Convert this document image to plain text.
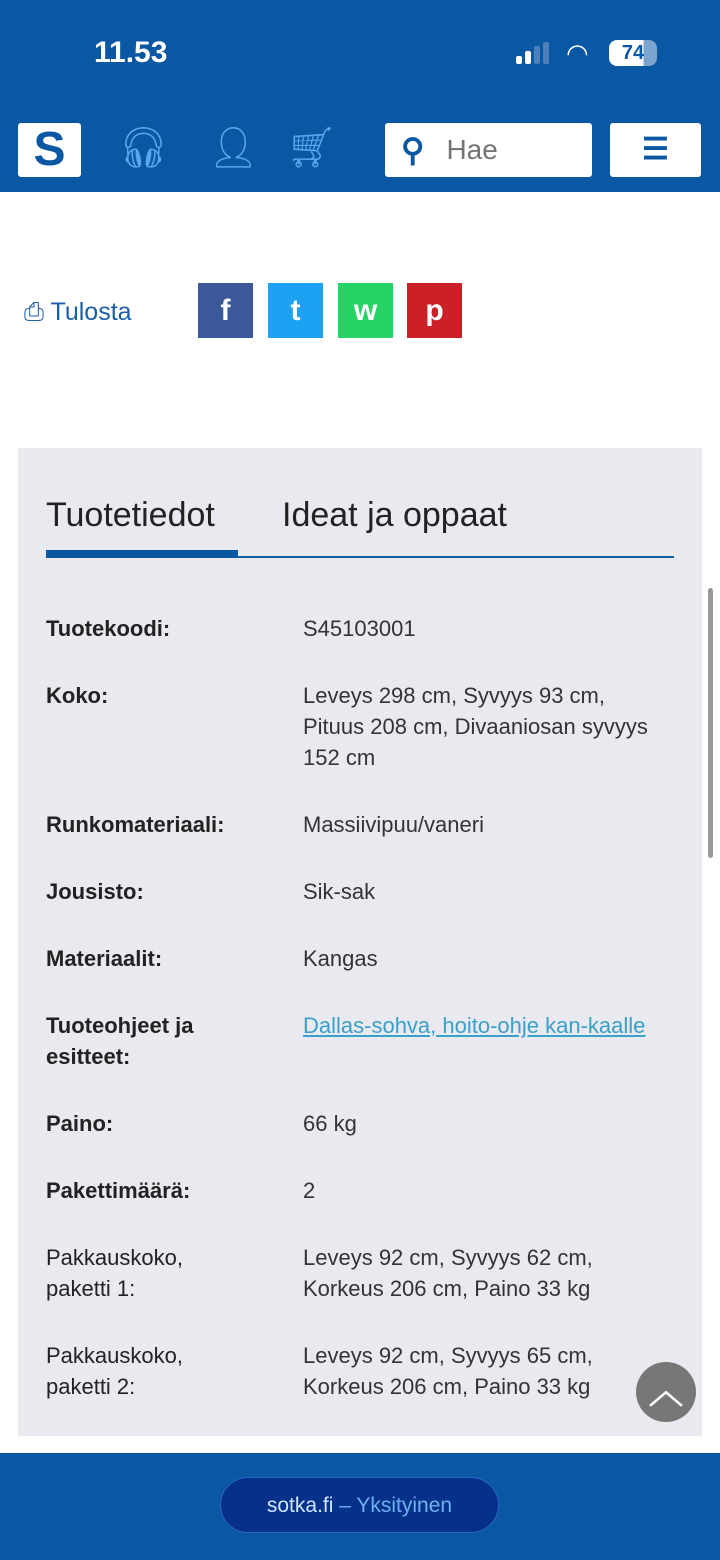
11.53	◠	74
S	🎧︎ 👤︎ 🛒︎ ⚲
Hae	☰
⎙ Tulosta	f	t	w	p
Tuotetiedot Ideat ja oppaat
Tuotekoodi:	S45103001
Koko:	Leveys 298 cm, Syvyys 93 cm, Pituus 208 cm, Divaaniosan syvyys 152 cm
Runkomateriaali:	Massiivipuu/vaneri
Jousisto:	Sik-sak
Materiaalit:	Kangas
Tuoteohjeet ja esitteet:
Dallas-sohva, hoito-ohje kan-kaalle
Paino:	66 kg
Pakettimäärä:	2
Pakkauskoko, paketti 1:
Leveys 92 cm, Syvyys 62 cm, Korkeus 206 cm, Paino 33 kg
Pakkauskoko, paketti 2:
Leveys 92 cm, Syvyys 65 cm, Korkeus 206 cm, Paino 33 kg	︿
sotka.fi – Yksityinen
